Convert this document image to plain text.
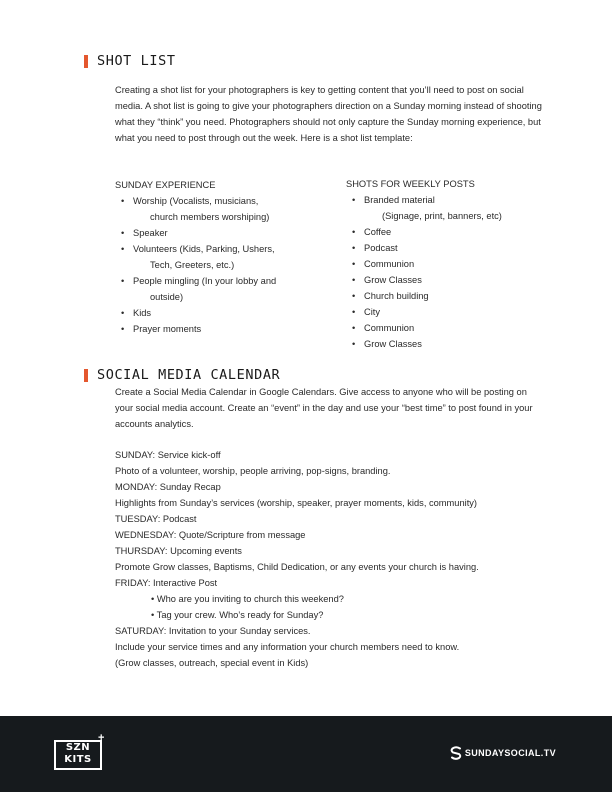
SHOT LIST

Creating a shot list for your photographers is key to getting content that you’ll need to post on social media. A shot list is going to give your photographers direction on a Sunday morning instead of shooting what they “think” you need. Photographers should not only capture the Sunday morning experience, but what you need to post through out the week. Here is a shot list template:

SUNDAY EXPERIENCE

• Worship (Vocalists, musicians,
church members worshiping)
• Speaker
• Volunteers (Kids, Parking, Ushers,
Tech, Greeters, etc.)
• People mingling (In your lobby and
outside)
• Kids
• Prayer moments

SHOTS FOR WEEKLY POSTS

• Branded material
(Signage, print, banners, etc)
• Coffee
• Podcast
• Communion
• Grow Classes
• Church building
• City
• Communion
• Grow Classes
SOCIAL MEDIA CALENDAR

Create a Social Media Calendar in Google Calendars. Give access to anyone who will be posting on your social media account. Create an “event” in the day and use your “best time” to post found in your accounts analytics.

SUNDAY: Service kick-off
Photo of a volunteer, worship, people arriving, pop-signs, branding.
MONDAY: Sunday Recap
Highlights from Sunday’s services (worship, speaker, prayer moments, kids, community)
TUESDAY: Podcast
WEDNESDAY: Quote/Scripture from message
THURSDAY: Upcoming events
Promote Grow classes, Baptisms, Child Dedication, or any events your church is having.
FRIDAY: Interactive Post
• Who are you inviting to church this weekend?
• Tag your crew. Who’s ready for Sunday?
SATURDAY: Invitation to your Sunday services.
Include your service times and any information your church members need to know.
(Grow classes, outreach, special event in Kids)
SZN
KITS
+
SUNDAYSOCIAL.TV
